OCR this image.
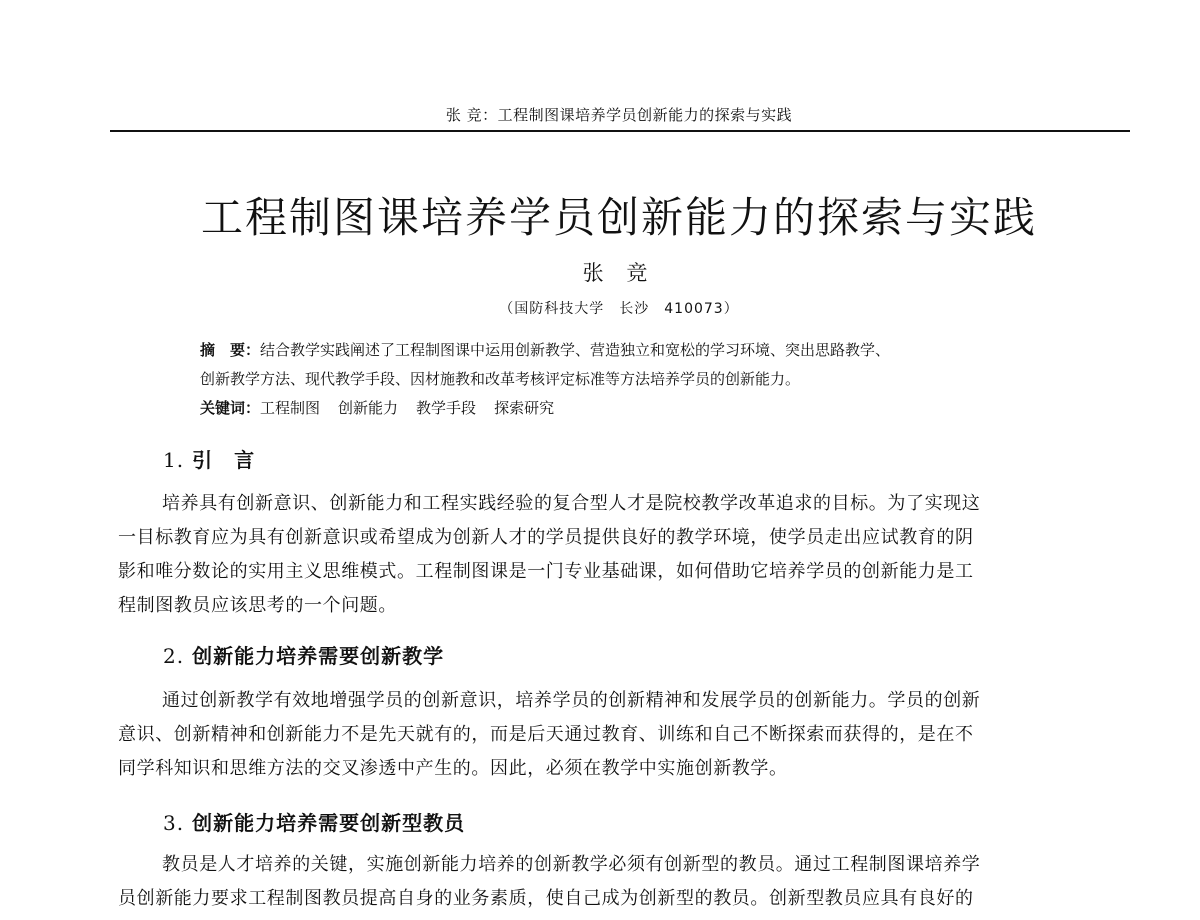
张 竞：工程制图课培养学员创新能力的探索与实践
工程制图课培养学员创新能力的探索与实践
张 竞
（国防科技大学　长沙　410073）
摘　要：结合教学实践阐述了工程制图课中运用创新教学、营造独立和宽松的学习环境、突出思路教学、
创新教学方法、现代教学手段、因材施教和改革考核评定标准等方法培养学员的创新能力。
关键词：工程制图 创新能力 教学手段 探索研究
1. 引　言
培养具有创新意识、创新能力和工程实践经验的复合型人才是院校教学改革追求的目标。为了实现这
一目标教育应为具有创新意识或希望成为创新人才的学员提供良好的教学环境，使学员走出应试教育的阴
影和唯分数论的实用主义思维模式。工程制图课是一门专业基础课，如何借助它培养学员的创新能力是工
程制图教员应该思考的一个问题。
2. 创新能力培养需要创新教学
通过创新教学有效地增强学员的创新意识，培养学员的创新精神和发展学员的创新能力。学员的创新
意识、创新精神和创新能力不是先天就有的，而是后天通过教育、训练和自己不断探索而获得的，是在不
同学科知识和思维方法的交叉渗透中产生的。因此，必须在教学中实施创新教学。
3. 创新能力培养需要创新型教员
教员是人才培养的关键，实施创新能力培养的创新教学必须有创新型的教员。通过工程制图课培养学
员创新能力要求工程制图教员提高自身的业务素质，使自己成为创新型的教员。创新型教员应具有良好的
